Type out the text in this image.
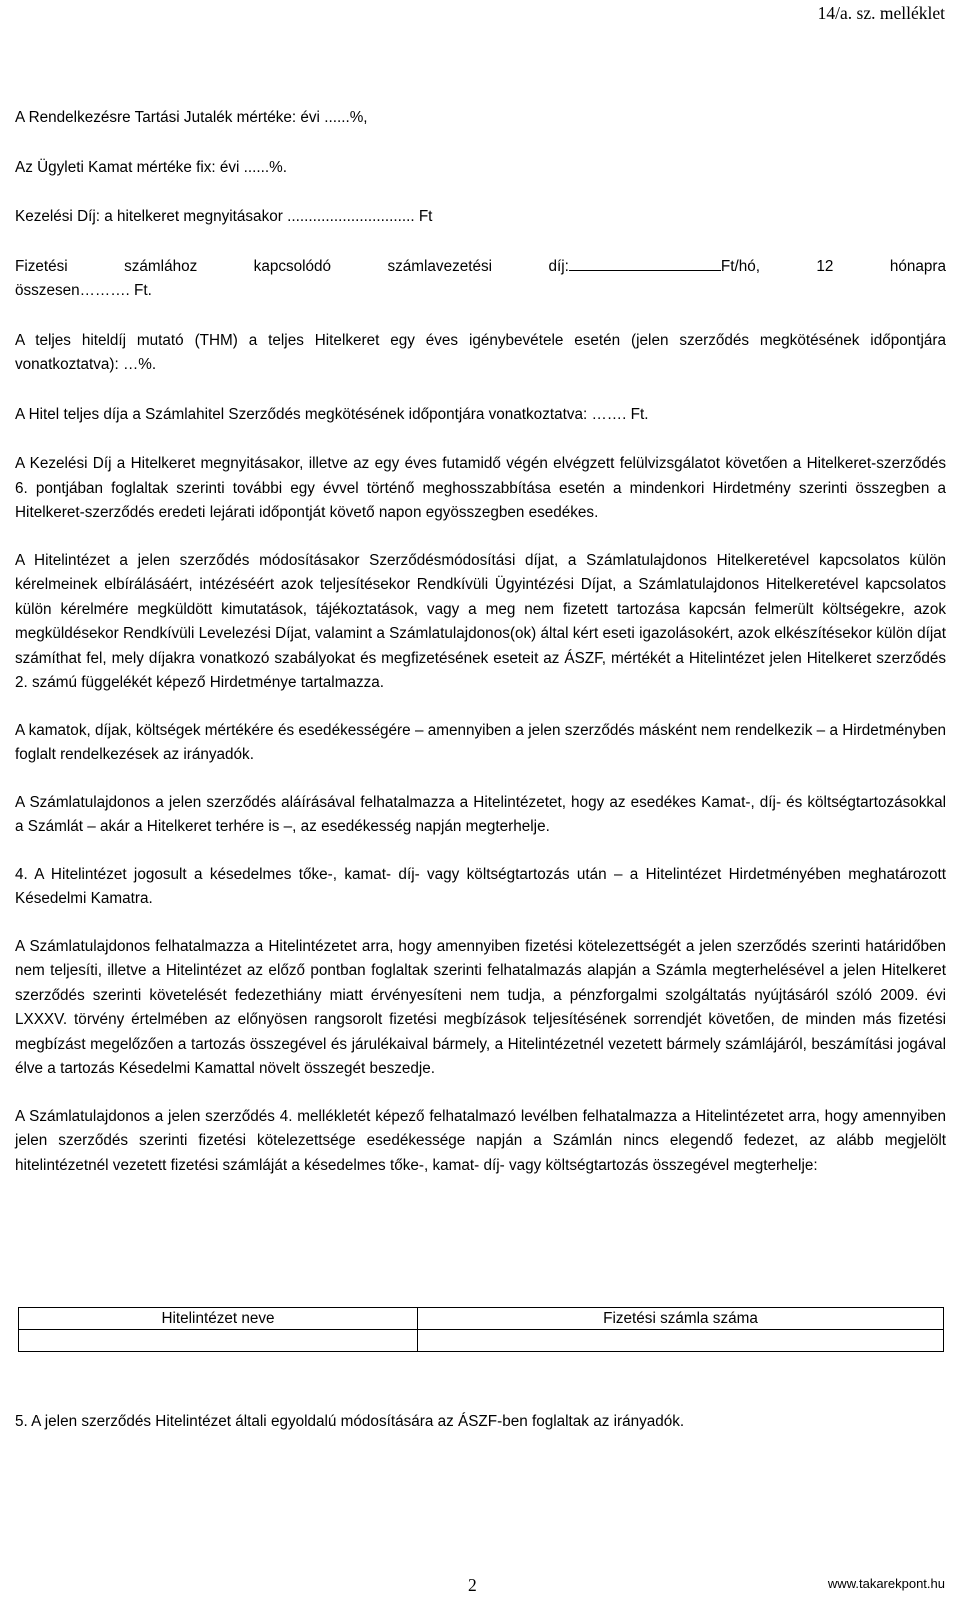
14/a. sz. melléklet

A Rendelkezésre Tartási Jutalék mértéke: évi ......%,

Az Ügyleti Kamat mértéke fix: évi ......%.

Kezelési Díj: a hitelkeret megnyitásakor .............................. Ft

Fizetési számlához kapcsolódó számlavezetési díj:	Ft/hó, 12 hónapra

összesen………. Ft.

A teljes hiteldíj mutató (THM) a teljes Hitelkeret egy éves igénybevétele esetén (jelen szerződés megkötésének időpontjára vonatkoztatva): …%.

A Hitel teljes díja a Számlahitel Szerződés megkötésének időpontjára vonatkoztatva: ……. Ft.

A Kezelési Díj a Hitelkeret megnyitásakor, illetve az egy éves futamidő végén elvégzett felülvizsgálatot követően a Hitelkeret-szerződés 6. pontjában foglaltak szerinti további egy évvel történő meghosszabbítása esetén a mindenkori Hirdetmény szerinti összegben a Hitelkeret-szerződés eredeti lejárati időpontját követő napon egyösszegben esedékes.

A Hitelintézet a jelen szerződés módosításakor Szerződésmódosítási díjat, a Számlatulajdonos Hitelkeretével kapcsolatos külön kérelmeinek elbírálásáért, intézéséért azok teljesítésekor Rendkívüli Ügyintézési Díjat, a Számlatulajdonos Hitelkeretével kapcsolatos külön kérelmére megküldött kimutatások, tájékoztatások, vagy a meg nem fizetett tartozása kapcsán felmerült költségekre, azok megküldésekor Rendkívüli Levelezési Díjat, valamint a Számlatulajdonos(ok) által kért eseti igazolásokért, azok elkészítésekor külön díjat számíthat fel, mely díjakra vonatkozó szabályokat és megfizetésének eseteit az ÁSZF, mértékét a Hitelintézet jelen Hitelkeret szerződés 2. számú függelékét képező Hirdetménye tartalmazza.

A kamatok, díjak, költségek mértékére és esedékességére – amennyiben a jelen szerződés másként nem rendelkezik – a Hirdetményben foglalt rendelkezések az irányadók.

A Számlatulajdonos a jelen szerződés aláírásával felhatalmazza a Hitelintézetet, hogy az esedékes Kamat-, díj- és költségtartozásokkal a Számlát – akár a Hitelkeret terhére is –, az esedékesség napján megterhelje.

4. A Hitelintézet jogosult a késedelmes tőke-, kamat- díj- vagy költségtartozás után – a Hitelintézet Hirdetményében meghatározott Késedelmi Kamatra.

A Számlatulajdonos felhatalmazza a Hitelintézetet arra, hogy amennyiben fizetési kötelezettségét a jelen szerződés szerinti határidőben nem teljesíti, illetve a Hitelintézet az előző pontban foglaltak szerinti felhatalmazás alapján a Számla megterhelésével a jelen Hitelkeret szerződés szerinti követelését fedezethiány miatt érvényesíteni nem tudja, a pénzforgalmi szolgáltatás nyújtásáról szóló 2009. évi LXXXV. törvény értelmében az előnyösen rangsorolt fizetési megbízások teljesítésének sorrendjét követően, de minden más fizetési megbízást megelőzően a tartozás összegével és járulékaival bármely, a Hitelintézetnél vezetett bármely számlájáról, beszámítási jogával élve a tartozás Késedelmi Kamattal növelt összegét beszedje.

A Számlatulajdonos a jelen szerződés 4. mellékletét képező felhatalmazó levélben felhatalmazza a Hitelintézetet arra, hogy amennyiben jelen szerződés szerinti fizetési kötelezettsége esedékessége napján a Számlán nincs elegendő fedezet, az alább megjelölt hitelintézetnél vezetett fizetési számláját a késedelmes tőke-, kamat- díj- vagy költségtartozás összegével megterhelje:

Hitelintézet neve	Fizetési számla száma

5. A jelen szerződés Hitelintézet általi egyoldalú módosítására az ÁSZF-ben foglaltak az irányadók.
2	www.takarekpont.hu
